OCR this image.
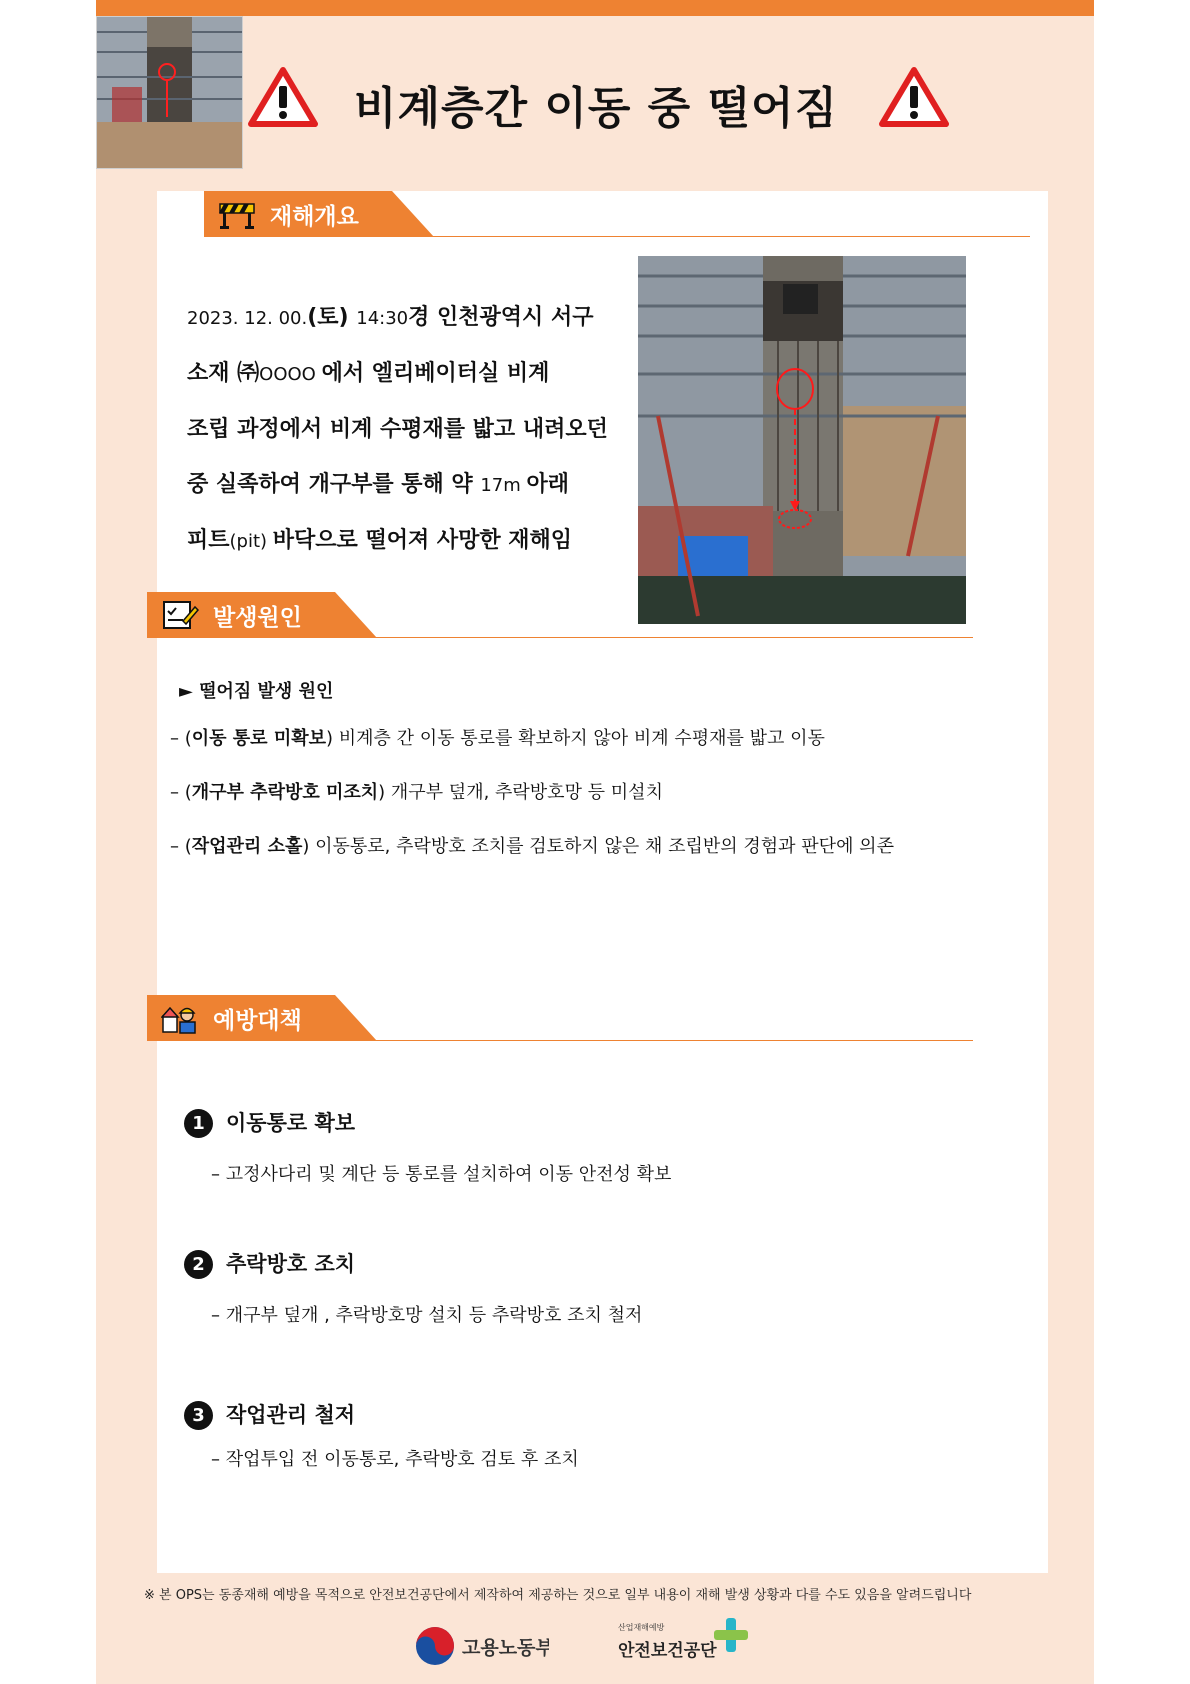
비계층간 이동 중 떨어짐
재해개요
2023. 12. 00.(토) 14:30경 인천광역시 서구
소재 ㈜OOOO 에서 엘리베이터실 비계
조립 과정에서 비계 수평재를 밟고 내려오던
중 실족하여 개구부를 통해 약 17m 아래
피트(pit) 바닥으로 떨어져 사망한 재해임
발생원인
► 떨어짐 발생 원인
– (이동 통로 미확보) 비계층 간 이동 통로를 확보하지 않아 비계 수평재를 밟고 이동
– (개구부 추락방호 미조치) 개구부 덮개, 추락방호망 등 미설치
– (작업관리 소홀) 이동통로, 추락방호 조치를 검토하지 않은 채 조립반의 경험과 판단에 의존
예방대책
1	이동통로 확보
– 고정사다리 및 계단 등 통로를 설치하여 이동 안전성 확보
2	추락방호 조치
– 개구부 덮개 , 추락방호망 설치 등 추락방호 조치 철저
3	작업관리 철저
– 작업투입 전 이동통로, 추락방호 검토 후 조치
※ 본 OPS는 동종재해 예방을 목적으로 안전보건공단에서 제작하여 제공하는 것으로 일부 내용이 재해 발생 상황과 다를 수도 있음을 알려드립니다
고용노동부
산업재해예방
안전보건공단
